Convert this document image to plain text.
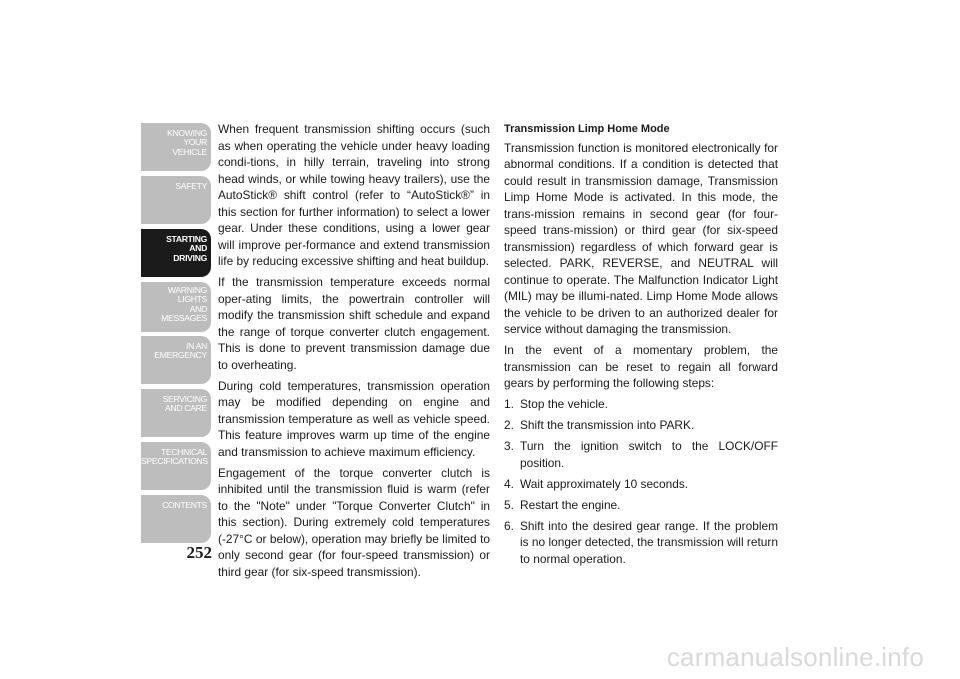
KNOWING
YOUR
VEHICLE
SAFETY
STARTING
AND
DRIVING
WARNING
LIGHTS
AND
MESSAGES
IN AN
EMERGENCY
SERVICING
AND CARE
TECHNICAL
SPECIFICATIONS
CONTENTS
252

When frequent transmission shifting occurs (such as when operating the vehicle under heavy loading condi-tions, in hilly terrain, traveling into strong head winds, or while towing heavy trailers), use the AutoStick® shift control (refer to “AutoStick®” in this section for further information) to select a lower gear. Under these conditions, using a lower gear will improve per-formance and extend transmission life by reducing excessive shifting and heat buildup.

If the transmission temperature exceeds normal oper-ating limits, the powertrain controller will modify the transmission shift schedule and expand the range of torque converter clutch engagement. This is done to prevent transmission damage due to overheating.

During cold temperatures, transmission operation may be modified depending on engine and transmission temperature as well as vehicle speed. This feature improves warm up time of the engine and transmission to achieve maximum efficiency.

Engagement of the torque converter clutch is inhibited until the transmission fluid is warm (refer to the "Note" under "Torque Converter Clutch" in this section). During extremely cold temperatures (-27°C or below), operation may briefly be limited to only second gear (for four-speed transmission) or third gear (for six-speed transmission).

Transmission Limp Home Mode

Transmission function is monitored electronically for abnormal conditions. If a condition is detected that could result in transmission damage, Transmission Limp Home Mode is activated. In this mode, the trans-mission remains in second gear (for four-speed trans-mission) or third gear (for six-speed transmission) regardless of which forward gear is selected. PARK, REVERSE, and NEUTRAL will continue to operate. The Malfunction Indicator Light (MIL) may be illumi-nated. Limp Home Mode allows the vehicle to be driven to an authorized dealer for service without damaging the transmission.

In the event of a momentary problem, the transmission can be reset to regain all forward gears by performing the following steps:

1. Stop the vehicle.
2. Shift the transmission into PARK.
3. Turn the ignition switch to the LOCK/OFF position.
4. Wait approximately 10 seconds.
5. Restart the engine.
6. Shift into the desired gear range. If the problem is no longer detected, the transmission will return to normal operation.
carmanualsonline.info
